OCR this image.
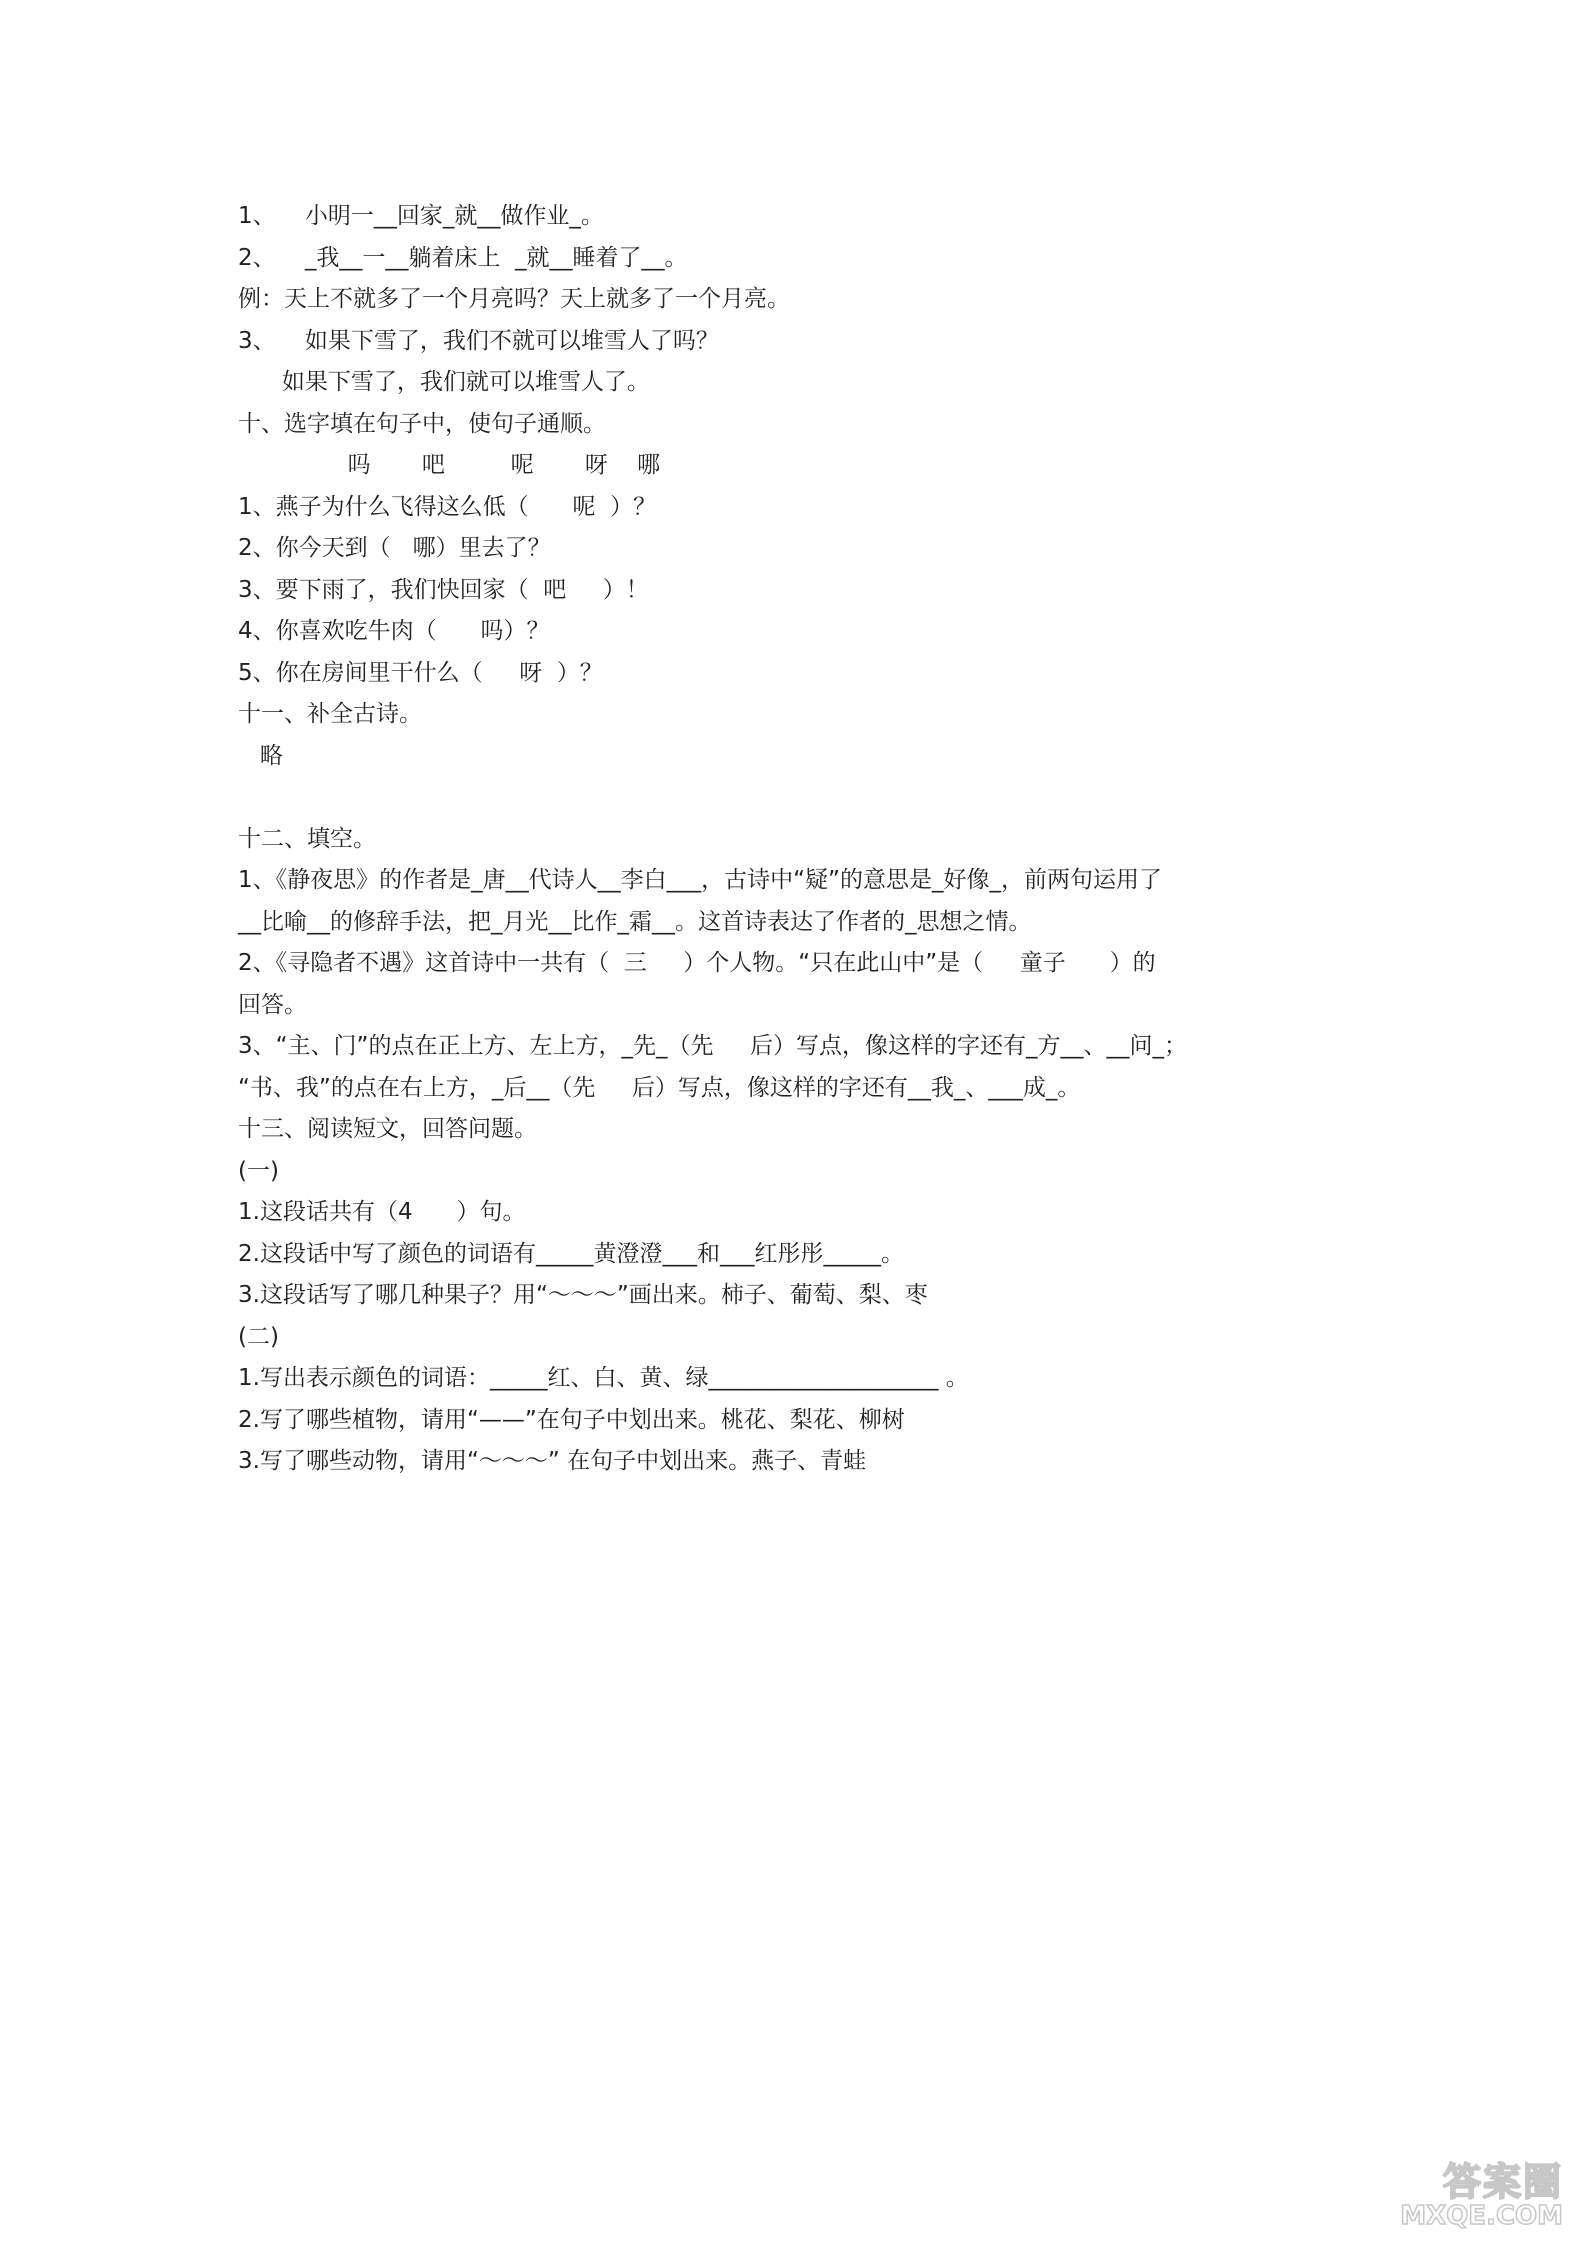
1、    小明一__回家_就__做作业_。
2、    _我__一__躺着床上  _就__睡着了__。
例：天上不就多了一个月亮吗？天上就多了一个月亮。
3、    如果下雪了，我们不就可以堆雪人了吗？
如果下雪了，我们就可以堆雪人了。
十、选字填在句子中，使句子通顺。
吗       吧         呢       呀    哪
1、燕子为什么飞得这么低（      呢  ）？
2、你今天到（   哪）里去了？
3、要下雨了，我们快回家（  吧     ）！
4、你喜欢吃牛肉（      吗）？
5、你在房间里干什么（     呀  ）？
十一、补全古诗。
略
十二、填空。
1、《静夜思》的作者是_唐__代诗人__李白___，古诗中“疑”的意思是_好像_，前两句运用了
__比喻__的修辞手法，把_月光__比作_霜__。这首诗表达了作者的_思想之情。
2、《寻隐者不遇》这首诗中一共有（  三     ）个人物。“只在此山中”是（     童子      ）的
回答。
3、“主、门”的点在正上方、左上方，_先_（先     后）写点，像这样的字还有_方__、__问_；
“书、我”的点在右上方，_后__（先     后）写点，像这样的字还有__我_、___成_。
十三、阅读短文，回答问题。
(一)
1.这段话共有（4      ）句。
2.这段话中写了颜色的词语有_____黄澄澄___和___红彤彤_____。
3.这段话写了哪几种果子？用“～～～”画出来。柿子、葡萄、梨、枣
(二)
1.写出表示颜色的词语：_____红、白、黄、绿____________________ 。
2.写了哪些植物，请用“——”在句子中划出来。桃花、梨花、柳树
3.写了哪些动物，请用“～～～” 在句子中划出来。燕子、青蛙
答案圈
MXQE.COM
